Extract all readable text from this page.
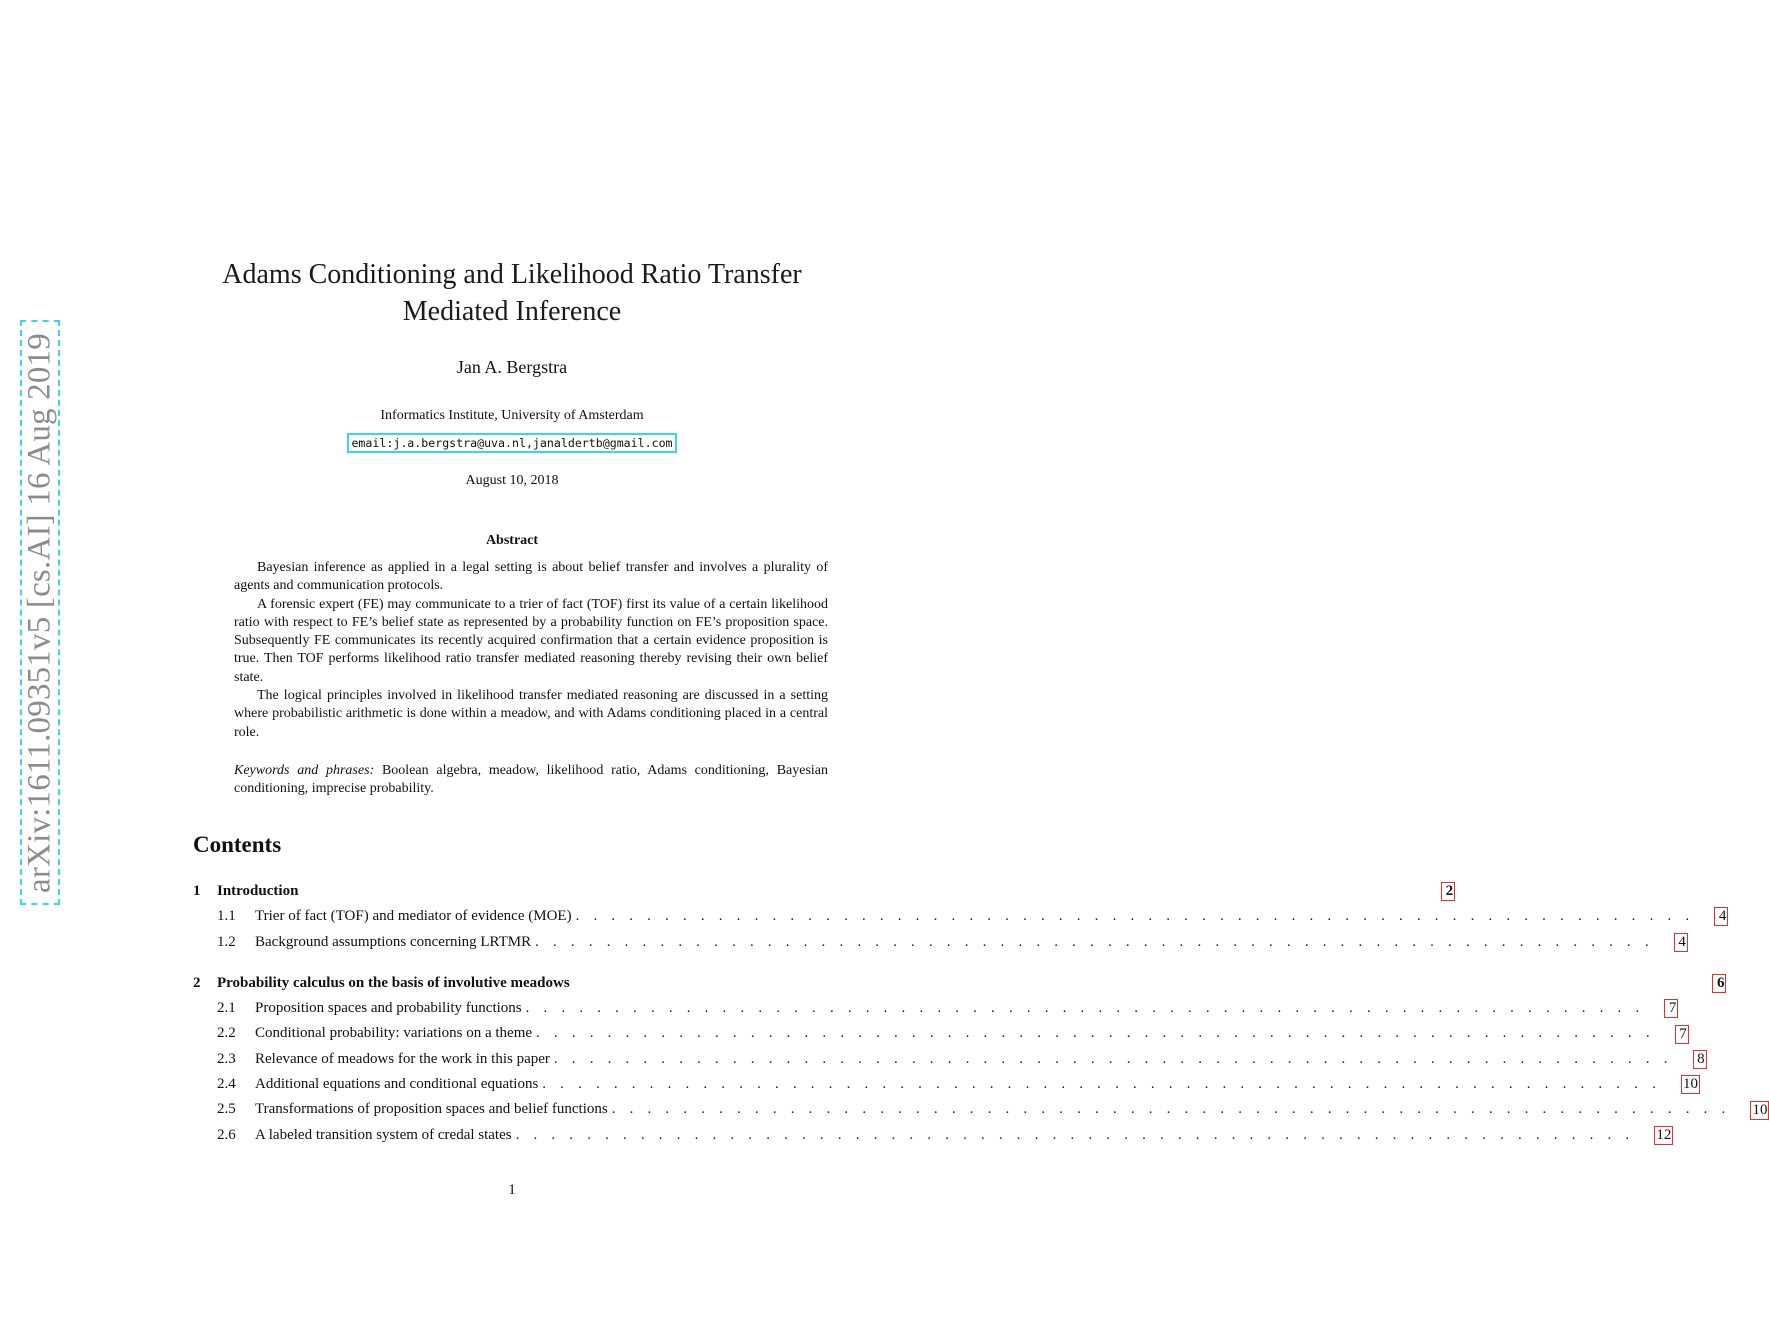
arXiv:1611.09351v5 [cs.AI] 16 Aug 2019
Adams Conditioning and Likelihood Ratio Transfer
Mediated Inference
Jan A. Bergstra
Informatics Institute, University of Amsterdam
email:j.a.bergstra@uva.nl,janaldertb@gmail.com
August 10, 2018
Abstract

Bayesian inference as applied in a legal setting is about belief transfer and involves a plurality of agents and communication protocols.

A forensic expert (FE) may communicate to a trier of fact (TOF) first its value of a certain likelihood ratio with respect to FE’s belief state as represented by a probability function on FE’s proposition space. Subsequently FE communicates its recently acquired confirmation that a certain evidence proposition is true. Then TOF performs likelihood ratio transfer mediated reasoning thereby revising their own belief state.

The logical principles involved in likelihood transfer mediated reasoning are discussed in a setting where probabilistic arithmetic is done within a meadow, and with Adams conditioning placed in a central role.

Keywords and phrases: Boolean algebra, meadow, likelihood ratio, Adams conditioning, Bayesian conditioning, imprecise probability.
Contents
1	Introduction	2
1.1	Trier of fact (TOF) and mediator of evidence (MOE) . . . . . . . . . . . . . . . . . . . . . . . . . . . . . . . . . . . . . . . . . . . . . . . . . . . . . . . . . . . . . . .	4
1.2	Background assumptions concerning LRTMR . . . . . . . . . . . . . . . . . . . . . . . . . . . . . . . . . . . . . . . . . . . . . . . . . . . . . . . . . . . . . . .	4
2	Probability calculus on the basis of involutive meadows	6
2.1	Proposition spaces and probability functions . . . . . . . . . . . . . . . . . . . . . . . . . . . . . . . . . . . . . . . . . . . . . . . . . . . . . . . . . . . . . . .	7
2.2	Conditional probability: variations on a theme . . . . . . . . . . . . . . . . . . . . . . . . . . . . . . . . . . . . . . . . . . . . . . . . . . . . . . . . . . . . . . .	7
2.3	Relevance of meadows for the work in this paper . . . . . . . . . . . . . . . . . . . . . . . . . . . . . . . . . . . . . . . . . . . . . . . . . . . . . . . . . . . . . . .	8
2.4	Additional equations and conditional equations . . . . . . . . . . . . . . . . . . . . . . . . . . . . . . . . . . . . . . . . . . . . . . . . . . . . . . . . . . . . . . .	10
2.5	Transformations of proposition spaces and belief functions . . . . . . . . . . . . . . . . . . . . . . . . . . . . . . . . . . . . . . . . . . . . . . . . . . . . . . . . . . . . . . .	10
2.6	A labeled transition system of credal states . . . . . . . . . . . . . . . . . . . . . . . . . . . . . . . . . . . . . . . . . . . . . . . . . . . . . . . . . . . . . . .	12
1
